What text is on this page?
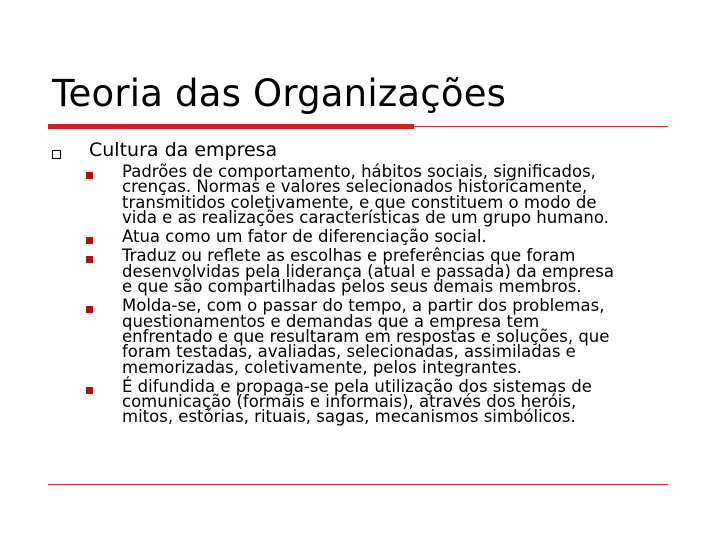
Teoria das Organizações
Cultura da empresa
Padrões de comportamento, hábitos sociais, significados,
crenças. Normas e valores selecionados historicamente,
transmitidos coletivamente, e que constituem o modo de
vida e as realizações características de um grupo humano.
Atua como um fator de diferenciação social.
Traduz ou reflete as escolhas e preferências que foram
desenvolvidas pela liderança (atual e passada) da empresa
e que são compartilhadas pelos seus demais membros.
Molda-se, com o passar do tempo, a partir dos problemas,
questionamentos e demandas que a empresa tem
enfrentado e que resultaram em respostas e soluções, que
foram testadas, avaliadas, selecionadas, assimiladas e
memorizadas, coletivamente, pelos integrantes.
É difundida e propaga-se pela utilização dos sistemas de
comunicação (formais e informais), através dos heróis,
mitos, estórias, rituais, sagas, mecanismos simbólicos.
